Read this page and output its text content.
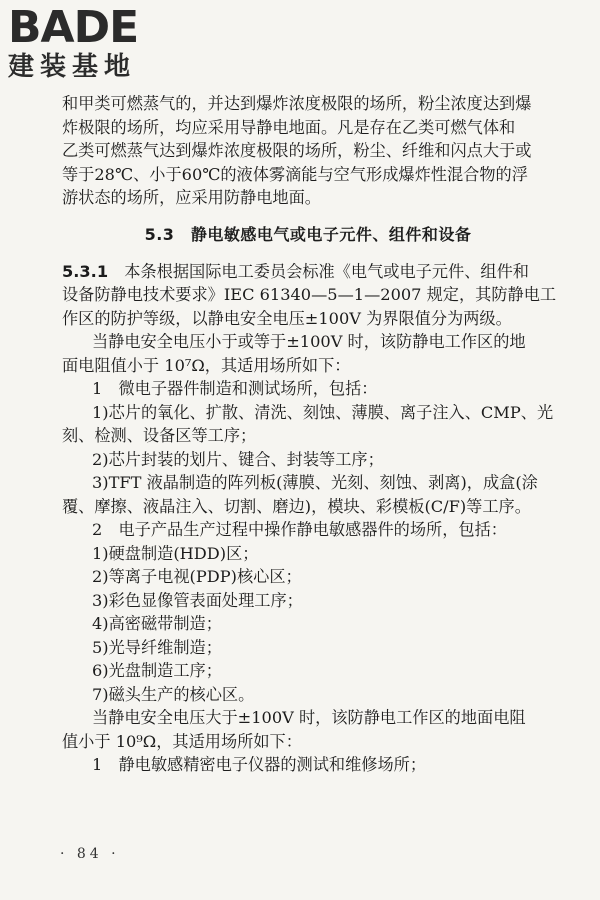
BADE
建装基地

和甲类可燃蒸气的，并达到爆炸浓度极限的场所，粉尘浓度达到爆

炸极限的场所，均应采用导静电地面。凡是存在乙类可燃气体和

乙类可燃蒸气达到爆炸浓度极限的场所，粉尘、纤维和闪点大于或

等于28℃、小于60℃的液体雾滴能与空气形成爆炸性混合物的浮

游状态的场所，应采用防静电地面。

5.3　静电敏感电气或电子元件、组件和设备

5.3.1　本条根据国际电工委员会标准《电气或电子元件、组件和

设备防静电技术要求》IEC 61340—5—1—2007 规定，其防静电工

作区的防护等级，以静电安全电压±100V 为界限值分为两级。

当静电安全电压小于或等于±100V 时，该防静电工作区的地

面电阻值小于 10⁷Ω，其适用场所如下：

1　微电子器件制造和测试场所，包括：

1)芯片的氧化、扩散、清洗、刻蚀、薄膜、离子注入、CMP、光

刻、检测、设备区等工序；

2)芯片封装的划片、键合、封装等工序；

3)TFT 液晶制造的阵列板(薄膜、光刻、刻蚀、剥离)，成盒(涂

覆、摩擦、液晶注入、切割、磨边)，模块、彩模板(C/F)等工序。

2　电子产品生产过程中操作静电敏感器件的场所，包括：

1)硬盘制造(HDD)区；

2)等离子电视(PDP)核心区；

3)彩色显像管表面处理工序；

4)高密磁带制造；

5)光导纤维制造；

6)光盘制造工序；

7)磁头生产的核心区。

当静电安全电压大于±100V 时，该防静电工作区的地面电阻

值小于 10⁹Ω，其适用场所如下：

1　静电敏感精密电子仪器的测试和维修场所；

· 84 ·
